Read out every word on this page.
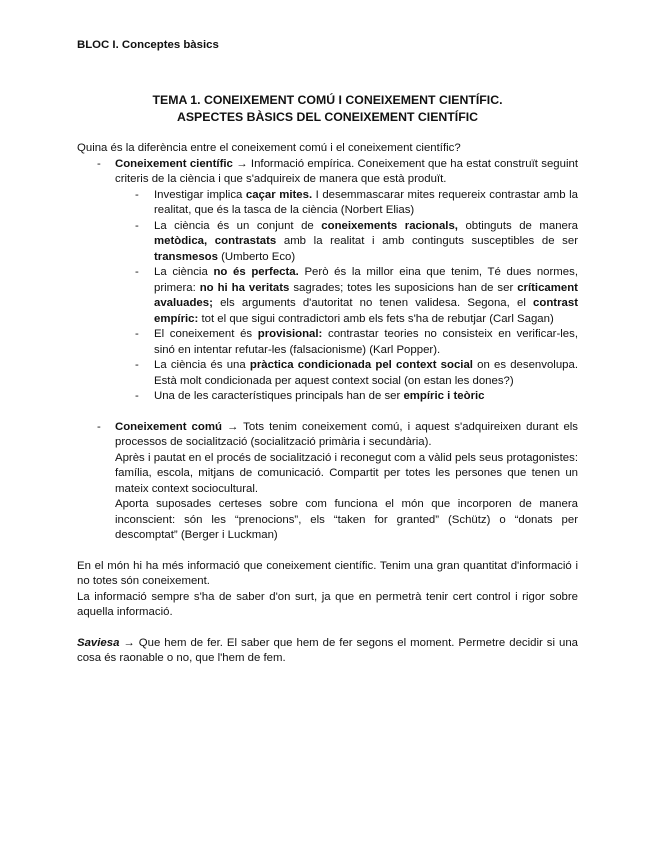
BLOC I. Conceptes bàsics
TEMA 1. CONEIXEMENT COMÚ I CONEIXEMENT CIENTÍFIC.
ASPECTES BÀSICS DEL CONEIXEMENT CIENTÍFIC

Quina és la diferència entre el coneixement comú i el coneixement científic?

- Coneixement científic → Informació empírica. Coneixement que ha estat construït seguint criteris de la ciència i que s'adquireix de manera que està produït.

- Investigar implica caçar mites. I desemmascarar mites requereix contrastar amb la realitat, que és la tasca de la ciència (Norbert Elias)

- La ciència és un conjunt de coneixements racionals, obtinguts de manera metòdica, contrastats amb la realitat i amb continguts susceptibles de ser transmesos (Umberto Eco)

- La ciència no és perfecta. Però és la millor eina que tenim, Té dues normes, primera: no hi ha veritats sagrades; totes les suposicions han de ser críticament avaluades; els arguments d'autoritat no tenen validesa. Segona, el contrast empíric: tot el que sigui contradictori amb els fets s'ha de rebutjar (Carl Sagan)

- El coneixement és provisional: contrastar teories no consisteix en verificar-les, sinó en intentar refutar-les (falsacionisme) (Karl Popper).

- La ciència és una pràctica condicionada pel context social on es desenvolupa. Està molt condicionada per aquest context social (on estan les dones?)

- Una de les característiques principals han de ser empíric i teòric

- Coneixement comú → Tots tenim coneixement comú, i aquest s'adquireixen durant els processos de socialització (socialització primària i secundària).

Après i pautat en el procés de socialització i reconegut com a vàlid pels seus protagonistes: família, escola, mitjans de comunicació. Compartit per totes les persones que tenen un mateix context sociocultural.

Aporta suposades certeses sobre com funciona el món que incorporen de manera inconscient: són les “prenocions”, els “taken for granted” (Schütz) o “donats per descomptat” (Berger i Luckman)

En el món hi ha més informació que coneixement científic. Tenim una gran quantitat d'informació i no totes són coneixement.

La informació sempre s'ha de saber d'on surt, ja que en permetrà tenir cert control i rigor sobre aquella informació.

Saviesa → Que hem de fer. El saber que hem de fer segons el moment. Permetre decidir si una cosa és raonable o no, que l'hem de fem.
